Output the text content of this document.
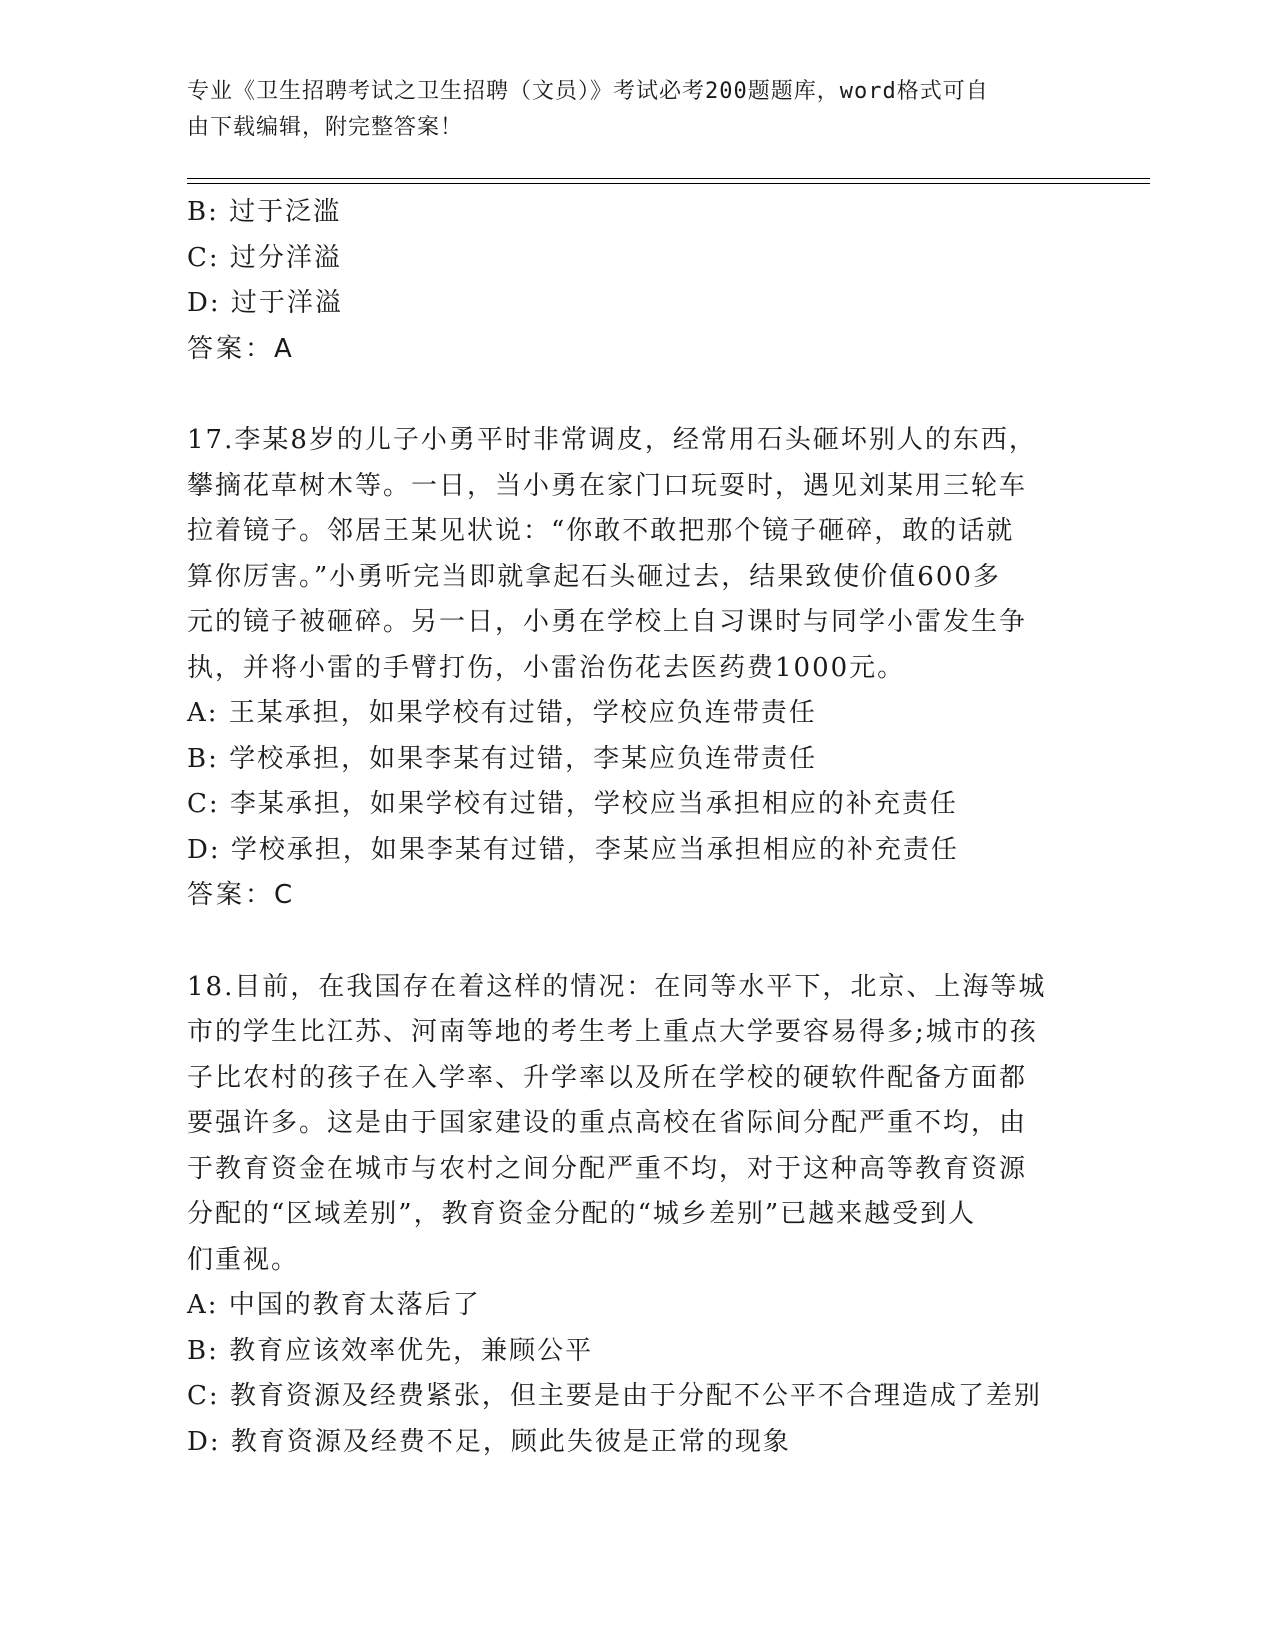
专业《卫生招聘考试之卫生招聘（文员）》考试必考200题题库，word格式可自
由下载编辑，附完整答案！
B: 过于泛滥
C: 过分洋溢
D: 过于洋溢
答案：A
17.李某8岁的儿子小勇平时非常调皮，经常用石头砸坏别人的东西，
攀摘花草树木等。一日，当小勇在家门口玩耍时，遇见刘某用三轮车
拉着镜子。邻居王某见状说：“你敢不敢把那个镜子砸碎，敢的话就
算你厉害。”小勇听完当即就拿起石头砸过去，结果致使价值600多
元的镜子被砸碎。另一日，小勇在学校上自习课时与同学小雷发生争
执，并将小雷的手臂打伤，小雷治伤花去医药费1000元。
A: 王某承担，如果学校有过错，学校应负连带责任
B: 学校承担，如果李某有过错，李某应负连带责任
C: 李某承担，如果学校有过错，学校应当承担相应的补充责任
D: 学校承担，如果李某有过错，李某应当承担相应的补充责任
答案：C
18.目前，在我国存在着这样的情况：在同等水平下，北京、上海等城
市的学生比江苏、河南等地的考生考上重点大学要容易得多;城市的孩
子比农村的孩子在入学率、升学率以及所在学校的硬软件配备方面都
要强许多。这是由于国家建设的重点高校在省际间分配严重不均，由
于教育资金在城市与农村之间分配严重不均，对于这种高等教育资源
分配的“区域差别”，教育资金分配的“城乡差别”已越来越受到人
们重视。
A: 中国的教育太落后了
B: 教育应该效率优先，兼顾公平
C: 教育资源及经费紧张，但主要是由于分配不公平不合理造成了差别
D: 教育资源及经费不足，顾此失彼是正常的现象
